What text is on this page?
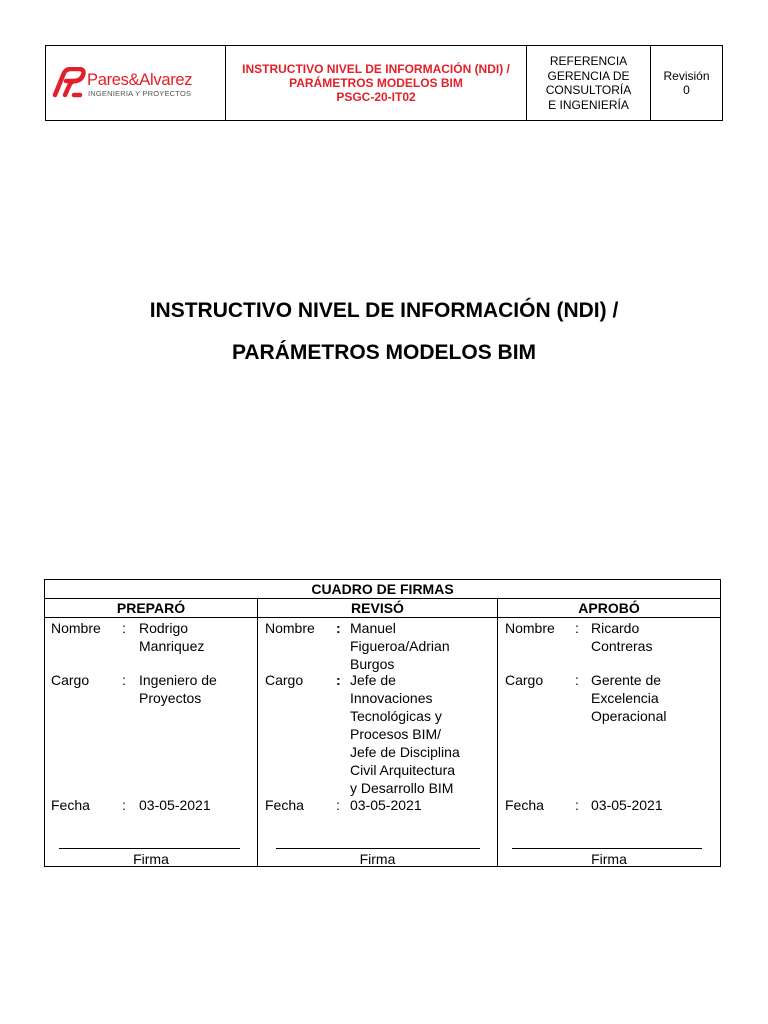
Pares&Alvarez
INGENIERIA Y PROYECTOS
INSTRUCTIVO NIVEL DE INFORMACIÓN (NDI) /
PARÁMETROS MODELOS BIM
PSGC-20-IT02
REFERENCIA
GERENCIA DE
CONSULTORÍA
E INGENIERÍA
Revisión
0
INSTRUCTIVO NIVEL DE INFORMACIÓN (NDI) /
PARÁMETROS MODELOS BIM
CUADRO DE FIRMAS
PREPARÓ
Nombre : Rodrigo
Manriquez
Cargo : Ingeniero de
Proyectos
Fecha : 03-05-2021
Firma
REVISÓ
Nombre : Manuel
Figueroa/Adrian
Burgos
Cargo : Jefe de
Innovaciones
Tecnológicas y
Procesos BIM/
Jefe de Disciplina
Civil Arquitectura
y Desarrollo BIM
Fecha : 03-05-2021
Firma
APROBÓ
Nombre : Ricardo
Contreras
Cargo : Gerente de
Excelencia
Operacional
Fecha : 03-05-2021
Firma
